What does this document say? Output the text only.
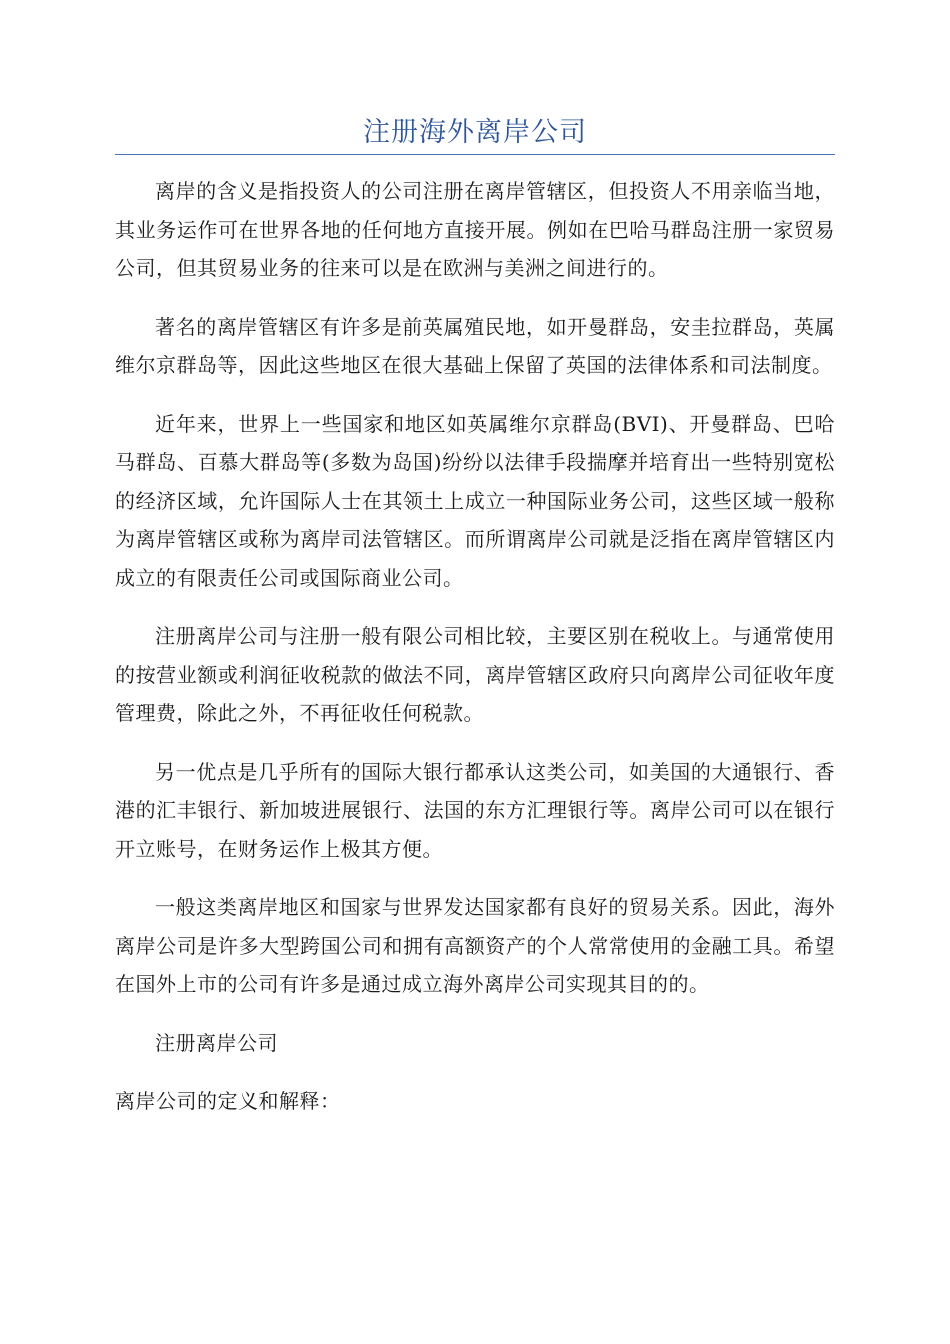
注册海外离岸公司

离岸的含义是指投资人的公司注册在离岸管辖区，但投资人不用亲临当地，其业务运作可在世界各地的任何地方直接开展。例如在巴哈马群岛注册一家贸易公司，但其贸易业务的往来可以是在欧洲与美洲之间进行的。

著名的离岸管辖区有许多是前英属殖民地，如开曼群岛，安圭拉群岛，英属维尔京群岛等，因此这些地区在很大基础上保留了英国的法律体系和司法制度。

近年来，世界上一些国家和地区如英属维尔京群岛(BVI)、开曼群岛、巴哈马群岛、百慕大群岛等(多数为岛国)纷纷以法律手段揣摩并培育出一些特别宽松的经济区域，允许国际人士在其领土上成立一种国际业务公司，这些区域一般称为离岸管辖区或称为离岸司法管辖区。而所谓离岸公司就是泛指在离岸管辖区内成立的有限责任公司或国际商业公司。

注册离岸公司与注册一般有限公司相比较，主要区别在税收上。与通常使用的按营业额或利润征收税款的做法不同，离岸管辖区政府只向离岸公司征收年度管理费，除此之外，不再征收任何税款。

另一优点是几乎所有的国际大银行都承认这类公司，如美国的大通银行、香港的汇丰银行、新加坡进展银行、法国的东方汇理银行等。离岸公司可以在银行开立账号，在财务运作上极其方便。

一般这类离岸地区和国家与世界发达国家都有良好的贸易关系。因此，海外离岸公司是许多大型跨国公司和拥有高额资产的个人常常使用的金融工具。希望在国外上市的公司有许多是通过成立海外离岸公司实现其目的的。

注册离岸公司

离岸公司的定义和解释：
